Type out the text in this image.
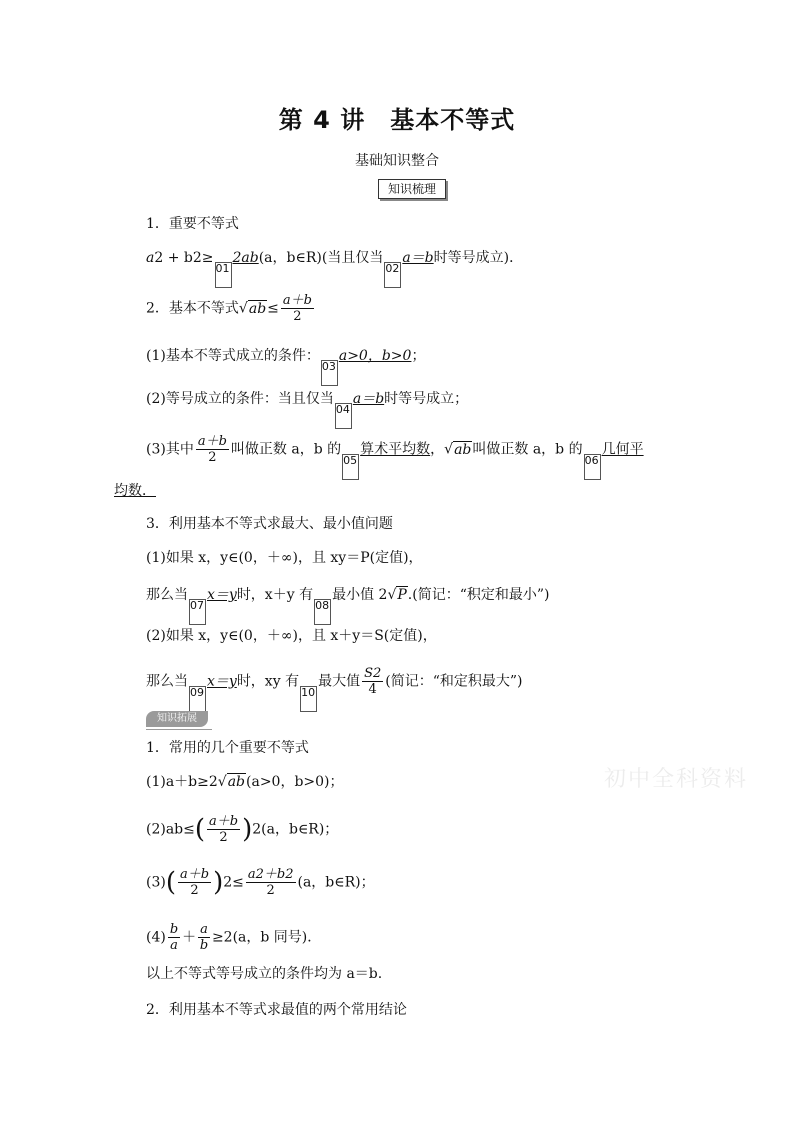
第 4 讲　基本不等式
基础知识整合
知识梳理
1．重要不等式
a2 + b2≥012ab(a，b∈R)(当且仅当02a＝b时等号成立)．
2．基本不等式$√ab\le \frac{a+b}{2}$
(1)基本不等式成立的条件：03a>0，b>0；
(2)等号成立的条件：当且仅当04a＝b时等号成立；
(3)其中 $\frac{a+b}{2}$ 叫做正数 a，b 的05算术平均数，√ab叫做正数 a，b 的06几何平
均数．
3．利用基本不等式求最大、最小值问题
(1)如果 x，y∈(0，＋∞)，且 xy＝P(定值)，
那么当07x＝y时，x＋y 有08最小值 2√P.(简记：“积定和最小”)
(2)如果 x，y∈(0，＋∞)，且 x＋y＝S(定值)，
那么当09x＝y时，xy 有10最大值 $\frac{S2}{4}$ (简记：“和定积最大”)
知识拓展
初中全科资料
1．常用的几个重要不等式
(1)a＋b≥2√ab(a>0，b>0)；
$(2)ab\le( \frac{a+b}{2} )2(a$，b∈R)；
$(3)( \frac{a+b}{2} )2\le \frac{a2+b2}{2} (a$，b∈R)；
$(4) \frac{b}{a} + \frac{a}{b} \ge 2(a$，b 同号)．
以上不等式等号成立的条件均为 a＝b.
2．利用基本不等式求最值的两个常用结论
